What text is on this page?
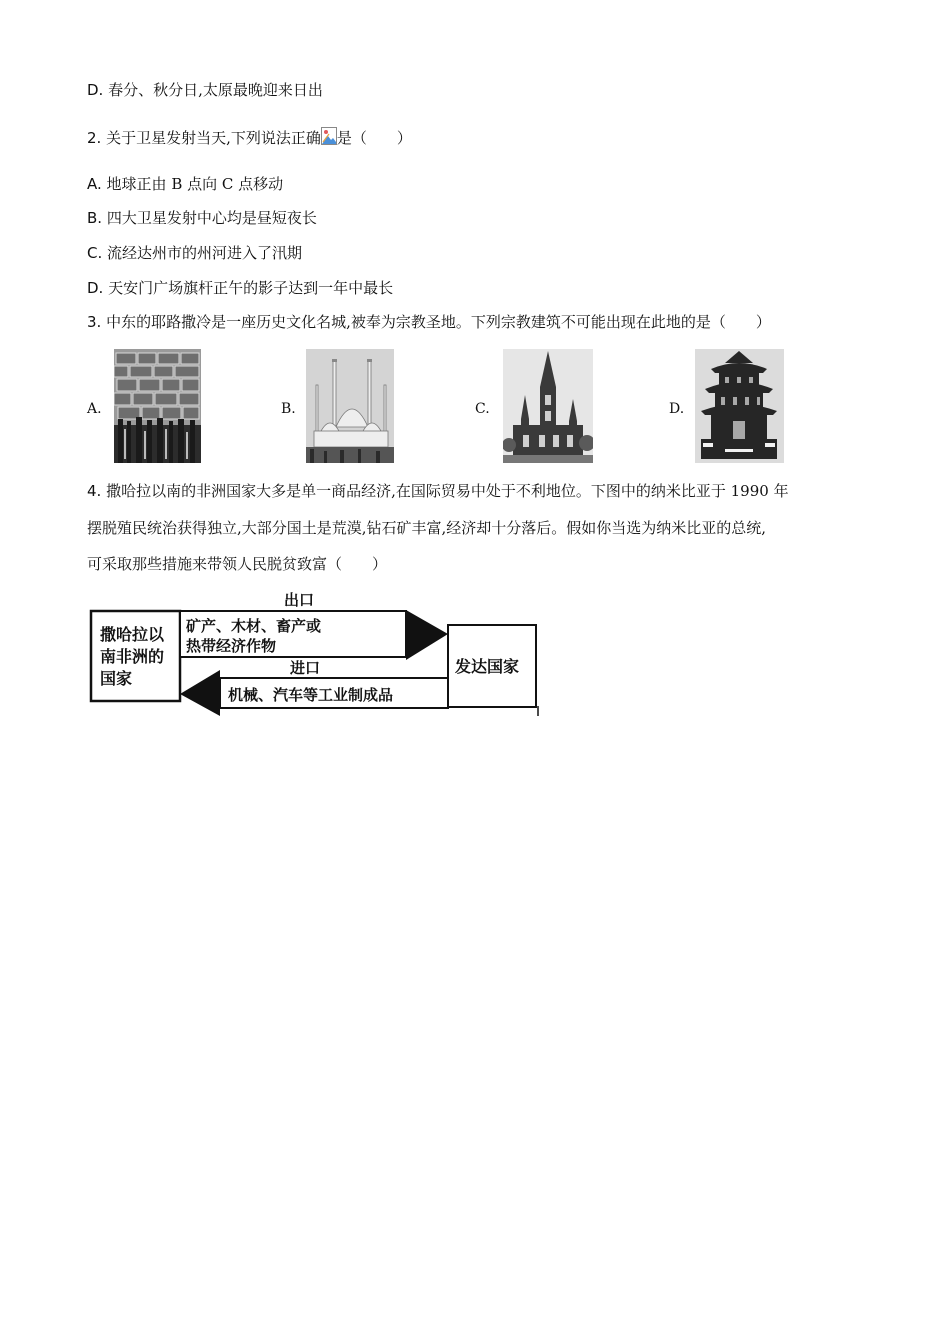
D. 春分、秋分日,太原最晚迎来日出
2. 关于卫星发射当天,下列说法正确 是（　　）
A. 地球正由 B 点向 C 点移动
B. 四大卫星发射中心均是昼短夜长
C. 流经达州市的州河进入了汛期
D. 天安门广场旗杆正午的影子达到一年中最长
3. 中东的耶路撒冷是一座历史文化名城,被奉为宗教圣地。下列宗教建筑不可能出现在此地的是（　　）
A.	B.	C.	D.
4. 撒哈拉以南的非洲国家大多是单一商品经济,在国际贸易中处于不利地位。下图中的纳米比亚于 1990 年
摆脱殖民统治获得独立,大部分国土是荒漠,钻石矿丰富,经济却十分落后。假如你当选为纳米比亚的总统,
可采取那些措施来带领人民脱贫致富（　　）
撒哈拉以
南非洲的
国家
发达国家
出口
矿产、木材、畜产或
热带经济作物
进口
机械、汽车等工业制成品
